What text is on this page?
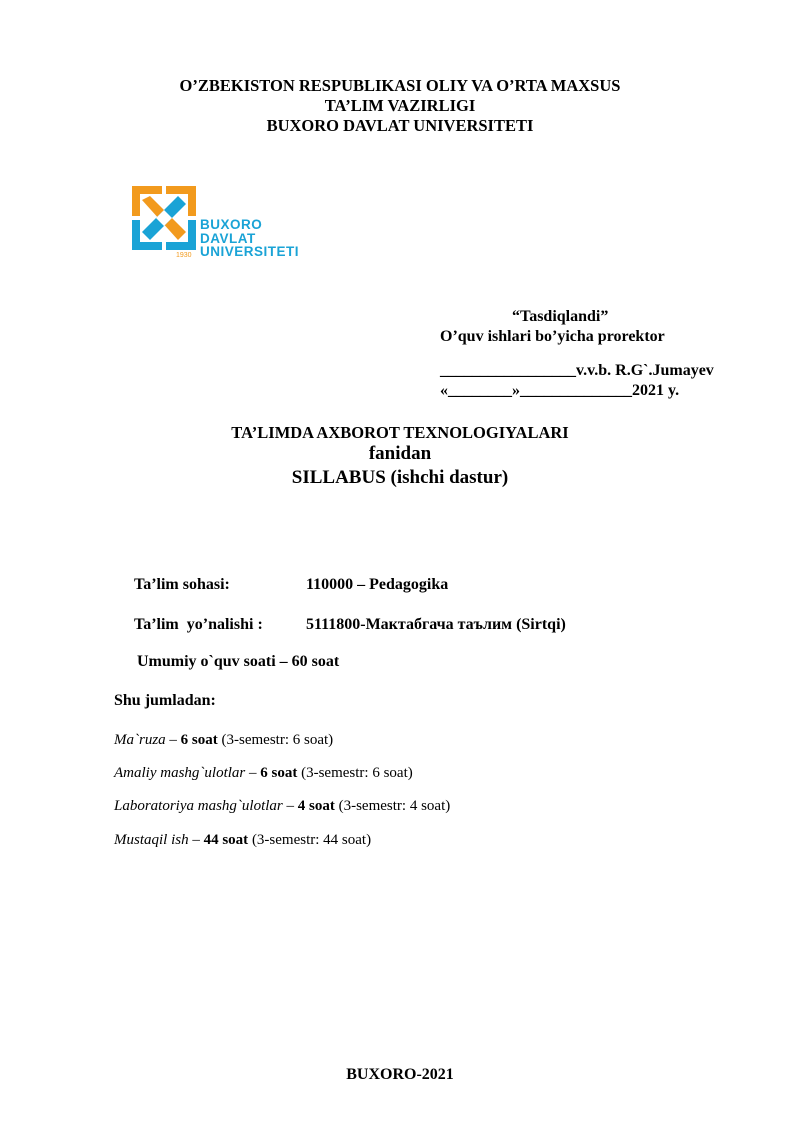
O’ZBEKISTON RESPUBLIKASI OLIY VA O’RTA MAXSUS
TA’LIM VAZIRLIGI
BUXORO DAVLAT UNIVERSITETI
BUXORO
DAVLAT
UNIVERSITETI
1930
“Tasdiqlandi”
O’quv ishlari bo’yicha prorektor
_________________v.v.b. R.G`.Jumayev
«________»______________2021 y.
TA’LIMDA AXBOROT TEXNOLOGIYALARI
fanidan
SILLABUS (ishchi dastur)
Ta’lim sohasi:	110000 – Pedagogika
Ta’lim  yo’nalishi :	5111800-Мактабгача таълим (Sirtqi)
Umumiy o`quv soati – 60 soat
Shu jumladan:
Ma`ruza – 6 soat (3-semestr: 6 soat)
Amaliy mashg`ulotlar – 6 soat (3-semestr: 6 soat)
Laboratoriya mashg`ulotlar – 4 soat (3-semestr: 4 soat)
Mustaqil ish – 44 soat (3-semestr: 44 soat)
BUXORO-2021
